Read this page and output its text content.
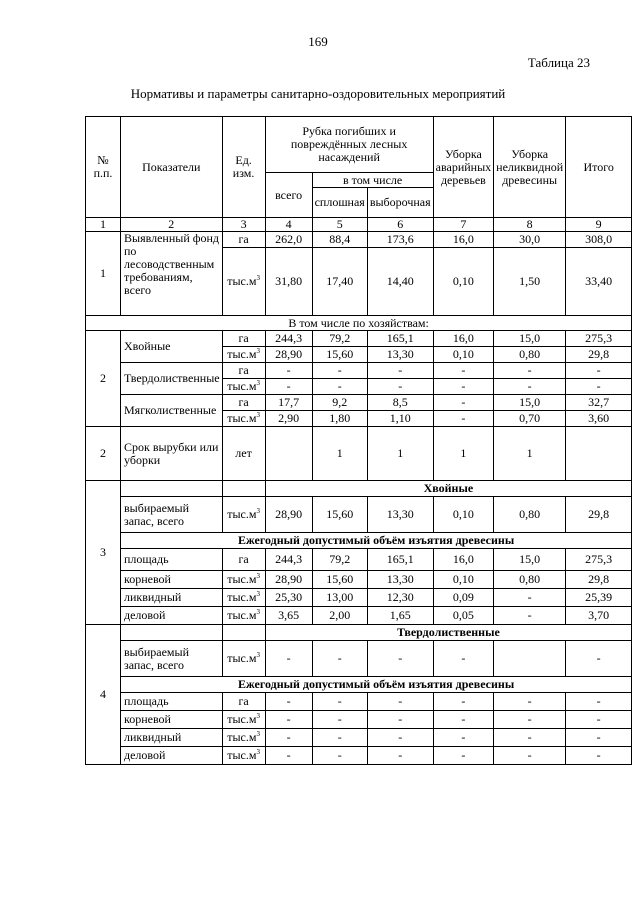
169
Таблица 23
Нормативы и параметры санитарно-оздоровительных мероприятий
№ п.п.	Показатели	Ед. изм.	Рубка погибших и повреждённых лесных насаждений			Уборка аварийных деревьев	Уборка неликвидной древесины	Итого
			всего	в том числе				
				сплошная	выборочная			
1	2	3	4	5	6	7	8	9
1	Выявленный фонд по лесоводственным требованиям, всего	га	262,0	88,4	173,6	16,0	30,0	308,0
		$тыс.м^3$	31,80	17,40	14,40	0,10	1,50	33,40
В том числе по хозяйствам:								
2	Хвойные	га	244,3	79,2	165,1	16,0	15,0	275,3
		$тыс.м^3$	28,90	15,60	13,30	0,10	0,80	29,8
	Твердолиственные	га	-	-	-	-	-	-
		$тыс.м^3$	-	-	-	-	-	-
	Мягколиственные	га	17,7	9,2	8,5	-	15,0	32,7
		$тыс.м^3$	2,90	1,80	1,10	-	0,70	3,60
2	Срок вырубки или уборки	лет		1	1	1	1	
3			Хвойные					
	выбираемый запас, всего	$тыс.м^3$	28,90	15,60	13,30	0,10	0,80	29,8
	Ежегодный допустимый объём изъятия древесины							
	площадь	га	244,3	79,2	165,1	16,0	15,0	275,3
	корневой	$тыс.м^3$	28,90	15,60	13,30	0,10	0,80	29,8
	ликвидный	$тыс.м^3$	25,30	13,00	12,30	0,09	-	25,39
	деловой	$тыс.м^3$	3,65	2,00	1,65	0,05	-	3,70
4			Твердолиственные					
	выбираемый запас, всего	$тыс.м^3$	-	-	-	-		-
	Ежегодный допустимый объём изъятия древесины							
	площадь	га	-	-	-	-	-	-
	корневой	$тыс.м^3$	-	-	-	-	-	-
	ликвидный	$тыс.м^3$	-	-	-	-	-	-
	деловой	$тыс.м^3$	-	-	-	-	-	-
